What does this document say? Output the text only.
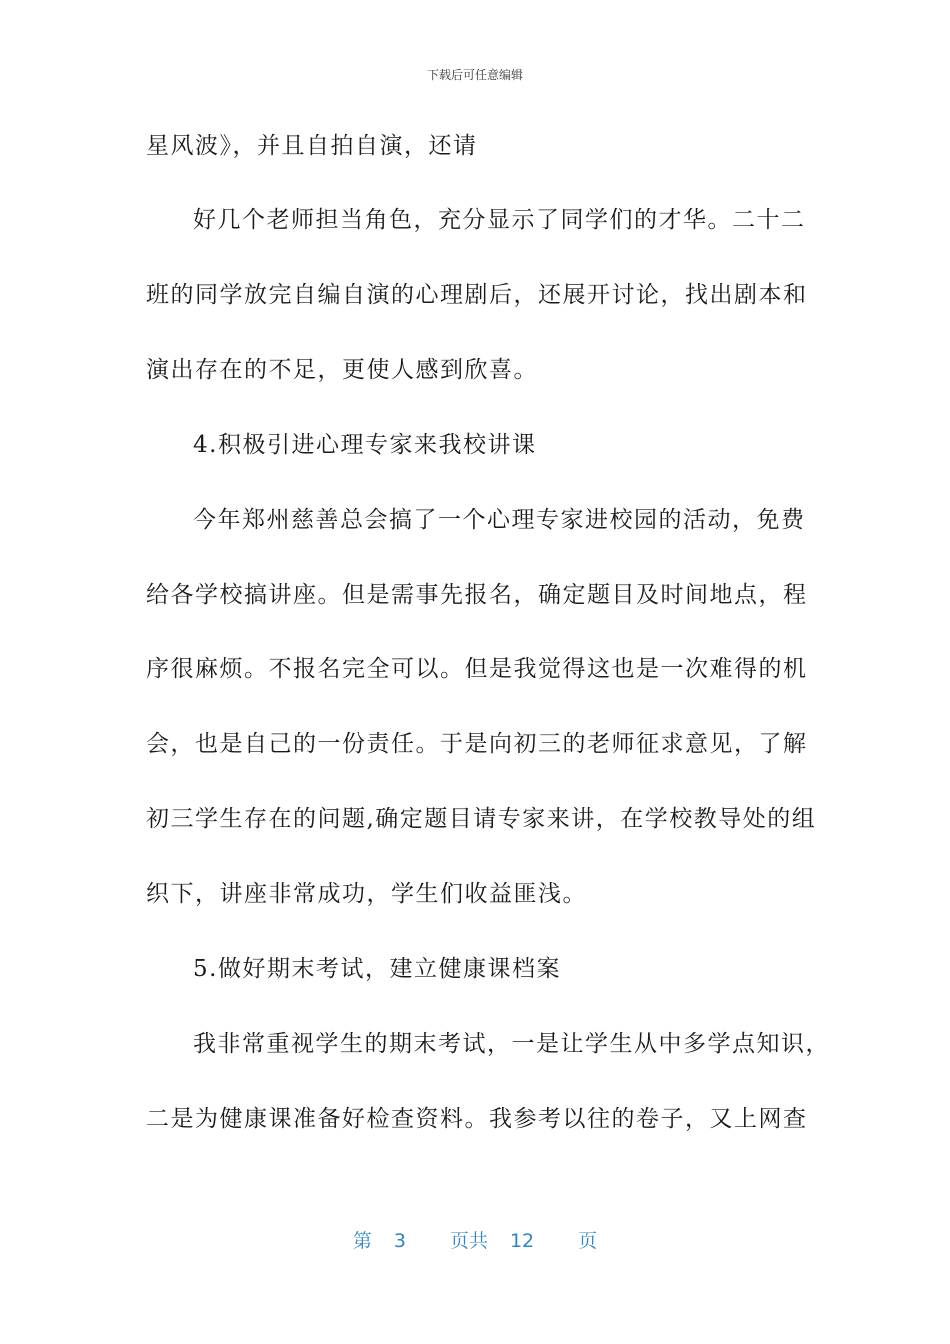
下载后可任意编辑
星风波》，并且自拍自演，还请
好几个老师担当角色，充分显示了同学们的才华。二十二
班的同学放完自编自演的心理剧后，还展开讨论，找出剧本和
演出存在的不足，更使人感到欣喜。
4.积极引进心理专家来我校讲课
今年郑州慈善总会搞了一个心理专家进校园的活动，免费
给各学校搞讲座。但是需事先报名，确定题目及时间地点，程
序很麻烦。不报名完全可以。但是我觉得这也是一次难得的机
会，也是自己的一份责任。于是向初三的老师征求意见，了解
初三学生存在的问题,确定题目请专家来讲，在学校教导处的组
织下，讲座非常成功，学生们收益匪浅。
5.做好期末考试，建立健康课档案
我非常重视学生的期末考试，一是让学生从中多学点知识，
二是为健康课准备好检查资料。我参考以往的卷子，又上网查
第 3 页共 12 页
